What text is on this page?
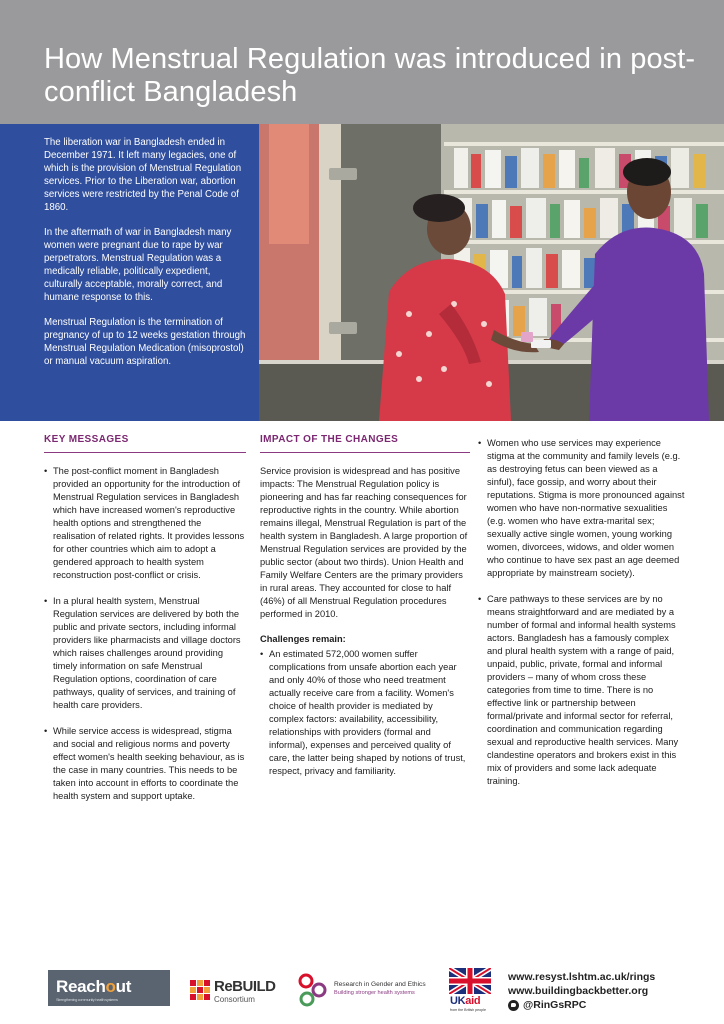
How Menstrual Regulation was introduced in post-conflict Bangladesh

The liberation war in Bangladesh ended in December 1971. It left many legacies, one of which is the provision of Menstrual Regulation services. Prior to the Liberation war, abortion services were restricted by the Penal Code of 1860.

In the aftermath of war in Bangladesh many women were pregnant due to rape by war perpetrators. Menstrual Regulation was a medically reliable, politically expedient, culturally acceptable, morally correct, and humane response to this.

Menstrual Regulation is the termination of pregnancy of up to 12 weeks gestation through Menstrual Regulation Medication (misoprostol) or manual vacuum aspiration.

KEY MESSAGES
• The post-conflict moment in Bangladesh provided an opportunity for the introduction of Menstrual Regulation services in Bangladesh which have increased women's reproductive health options and strengthened the realisation of related rights. It provides lessons for other countries which aim to adopt a gendered approach to health system reconstruction post-conflict or crisis.
• In a plural health system, Menstrual Regulation services are delivered by both the public and private sectors, including informal providers like pharmacists and village doctors which raises challenges around providing timely information on safe Menstrual Regulation options, coordination of care pathways, quality of services, and training of health care providers.
• While service access is widespread, stigma and social and religious norms and poverty effect women's health seeking behaviour, as is the case in many countries. This needs to be taken into account in efforts to coordinate the health system and support uptake.
IMPACT OF THE CHANGES

Service provision is widespread and has positive impacts: The Menstrual Regulation policy is pioneering and has far reaching consequences for reproductive rights in the country. While abortion remains illegal, Menstrual Regulation is part of the health system in Bangladesh. A large proportion of Menstrual Regulation services are provided by the public sector (about two thirds). Union Health and Family Welfare Centers are the primary providers in rural areas. They accounted for close to half (46%) of all Menstrual Regulation procedures performed in 2010.

Challenges remain:
• An estimated 572,000 women suffer complications from unsafe abortion each year and only 40% of those who need treatment actually receive care from a facility. Women's choice of health provider is mediated by complex factors: availability, accessibility, relationships with providers (formal and informal), expenses and perceived quality of care, the latter being shaped by notions of trust, respect, privacy and familiarity.
• Women who use services may experience stigma at the community and family levels (e.g. as destroying fetus can been viewed as a sinful), face gossip, and worry about their reputations. Stigma is more pronounced against women who have non-normative sexualities (e.g. women who have extra-marital sex; sexually active single women, young working women, divorcees, widows, and older women who continue to have sex past an age deemed appropriate by mainstream society).
• Care pathways to these services are by no means straightforward and are mediated by a number of formal and informal health systems actors. Bangladesh has a famously complex and plural health system with a range of paid, unpaid, public, private, formal and informal providers – many of whom cross these categories from time to time. There is no effective link or partnership between formal/private and informal sector for referral, coordination and communication regarding sexual and reproductive health services. Many clandestine operators and brokers exist in this mix of providers and some lack adequate training.
Reachout
Strengthening community health systems
ReBUILD
Consortium
Research in Gender and Ethics
Building stronger health systems
UKaid
from the British people
www.resyst.lshtm.ac.uk/rings
www.buildingbackbetter.org
@RinGsRPC
